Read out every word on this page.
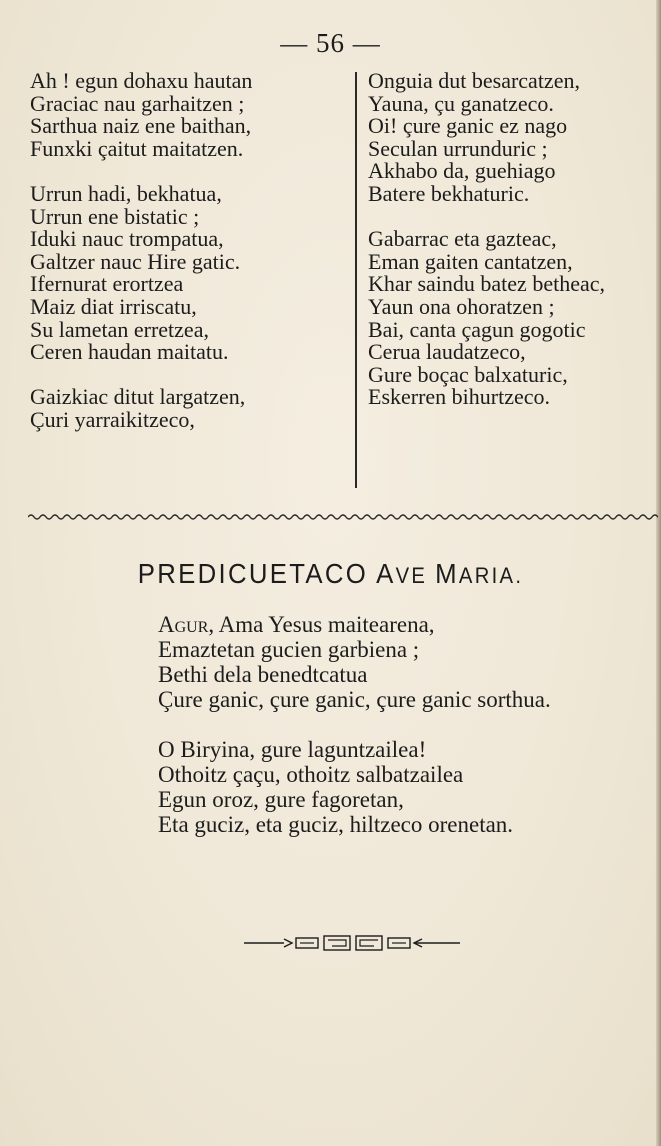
— 56 —
Ah ! egun dohaxu hautan
Graciac nau garhaitzen ;
Sarthua naiz ene baithan,
Funxki çaitut maitatzen.
Urrun hadi, bekhatua,
Urrun ene bistatic ;
Iduki nauc trompatua,
Galtzer nauc Hire gatic.
Ifernurat erortzea
Maiz diat irriscatu,
Su lametan erretzea,
Ceren haudan maitatu.
Gaizkiac ditut largatzen,
Çuri yarraikitzeco,
Onguia dut besarcatzen,
Yauna, çu ganatzeco.
Oi! çure ganic ez nago
Seculan urrunduric ;
Akhabo da, guehiago
Batere bekhaturic.
Gabarrac eta gazteac,
Eman gaiten cantatzen,
Khar saindu batez betheac,
Yaun ona ohoratzen ;
Bai, canta çagun gogotic
Cerua laudatzeco,
Gure boçac balxaturic,
Eskerren bihurtzeco.
PREDICUETACO AVE MARIA.
Agur, Ama Yesus maitearena,
Emaztetan gucien garbiena ;
Bethi dela benedtcatua
Çure ganic, çure ganic, çure ganic sorthua.
O Biryina, gure laguntzailea!
Othoitz çaçu, othoitz salbatzailea
Egun oroz, gure fagoretan,
Eta guciz, eta guciz, hiltzeco orenetan.
